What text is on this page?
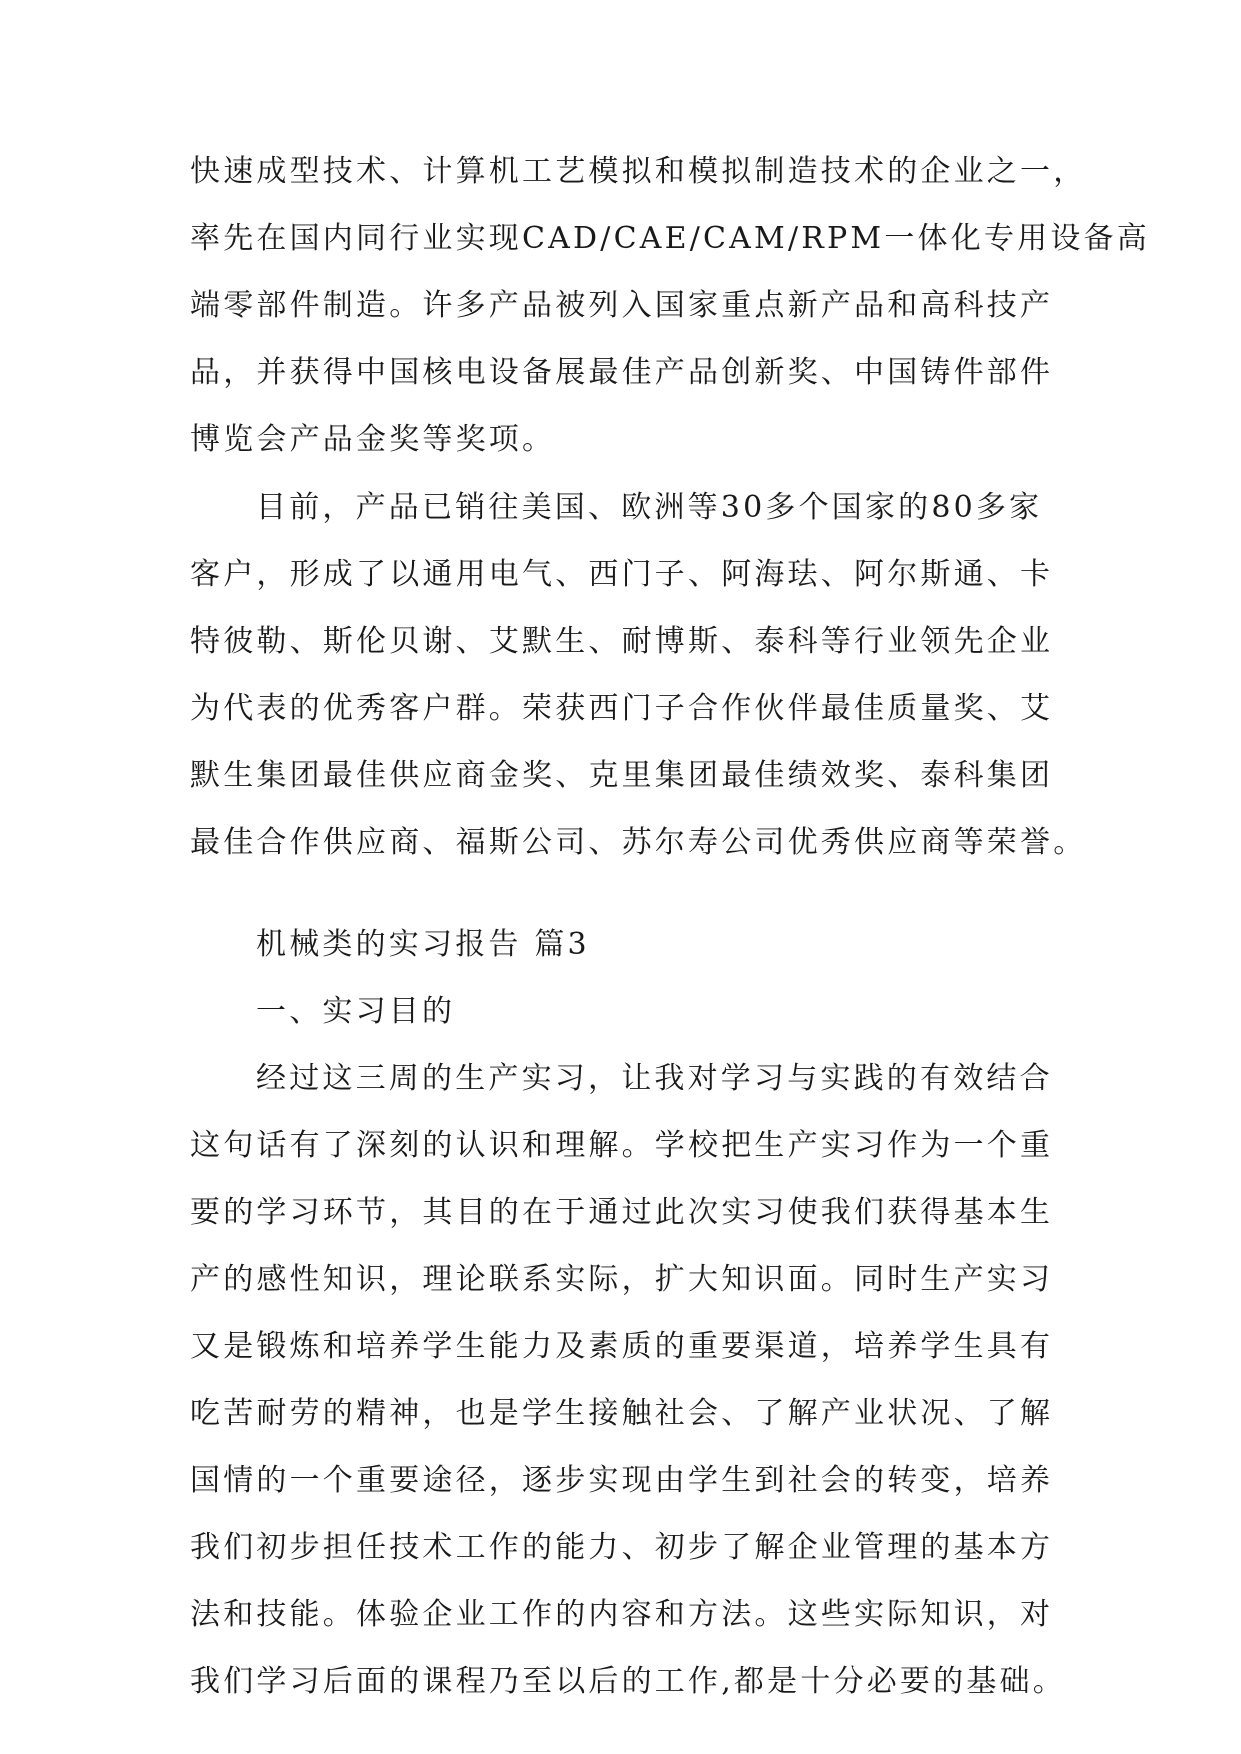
快速成型技术、计算机工艺模拟和模拟制造技术的企业之一，
率先在国内同行业实现CAD/CAE/CAM/RPM一体化专用设备高
端零部件制造。许多产品被列入国家重点新产品和高科技产
品，并获得中国核电设备展最佳产品创新奖、中国铸件部件
博览会产品金奖等奖项。
目前，产品已销往美国、欧洲等30多个国家的80多家
客户，形成了以通用电气、西门子、阿海珐、阿尔斯通、卡
特彼勒、斯伦贝谢、艾默生、耐博斯、泰科等行业领先企业
为代表的优秀客户群。荣获西门子合作伙伴最佳质量奖、艾
默生集团最佳供应商金奖、克里集团最佳绩效奖、泰科集团
最佳合作供应商、福斯公司、苏尔寿公司优秀供应商等荣誉。
机械类的实习报告 篇3
一、实习目的
经过这三周的生产实习，让我对学习与实践的有效结合
这句话有了深刻的认识和理解。学校把生产实习作为一个重
要的学习环节，其目的在于通过此次实习使我们获得基本生
产的感性知识，理论联系实际，扩大知识面。同时生产实习
又是锻炼和培养学生能力及素质的重要渠道，培养学生具有
吃苦耐劳的精神，也是学生接触社会、了解产业状况、了解
国情的一个重要途径，逐步实现由学生到社会的转变，培养
我们初步担任技术工作的能力、初步了解企业管理的基本方
法和技能。体验企业工作的内容和方法。这些实际知识，对
我们学习后面的课程乃至以后的工作,都是十分必要的基础。
